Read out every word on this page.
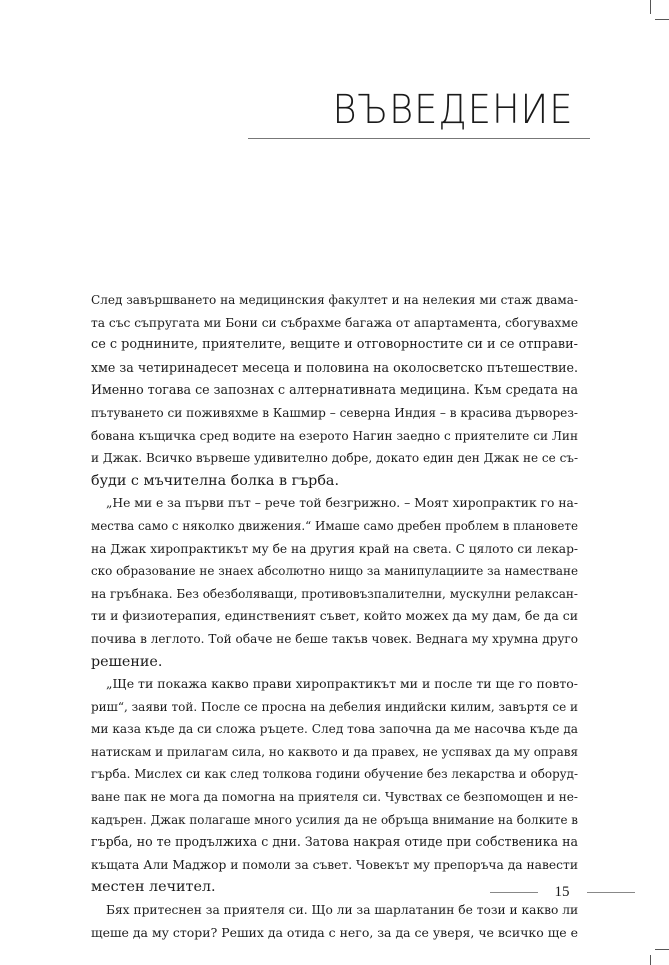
ВЪВЕДЕНИЕ
След завършването на медицинския факултет и на нелекия ми стаж двама-
та със съпругата ми Бони си събрахме багажа от апартамента, сбогувахме
се с роднините, приятелите, вещите и отговорностите си и се отправи-
хме за четиринадесет месеца и половина на околосветско пътешествие.
Именно тогава се запознах с алтернативната медицина. Към средата на
пътуването си поживяхме в Кашмир – северна Индия – в красива дърворез-
бована къщичка сред водите на езерото Нагин заедно с приятелите си Лин
и Джак. Всичко вървеше удивително добре, докато един ден Джак не се съ-
буди с мъчителна болка в гърба.
„Не ми е за първи път – рече той безгрижно. – Моят хиропрактик го на-
мества само с няколко движения.“ Имаше само дребен проблем в плановете
на Джак хиропрактикът му бе на другия край на света. С цялото си лекар-
ско образование не знаех абсолютно нищо за манипулациите за наместване
на гръбнака. Без обезболяващи, противовъзпалителни, мускулни релаксан-
ти и физиотерапия, единственият съвет, който можех да му дам, бе да си
почива в леглото. Той обаче не беше такъв човек. Веднага му хрумна друго
решение.
„Ще ти покажа какво прави хиропрактикът ми и после ти ще го повто-
риш“, заяви той. После се просна на дебелия индийски килим, завъртя се и
ми каза къде да си сложа ръцете. След това започна да ме насочва къде да
натискам и прилагам сила, но каквото и да правех, не успявах да му оправя
гърба. Мислех си как след толкова години обучение без лекарства и оборуд-
ване пак не мога да помогна на приятеля си. Чувствах се безпомощен и не-
кадърен. Джак полагаше много усилия да не обръща внимание на болките в
гърба, но те продължиха с дни. Затова накрая отиде при собственика на
къщата Али Маджор и помоли за съвет. Човекът му препоръча да навести
местен лечител.
Бях притеснен за приятеля си. Що ли за шарлатанин бе този и какво ли
щеше да му стори? Реших да отида с него, за да се уверя, че всичко ще е
15
